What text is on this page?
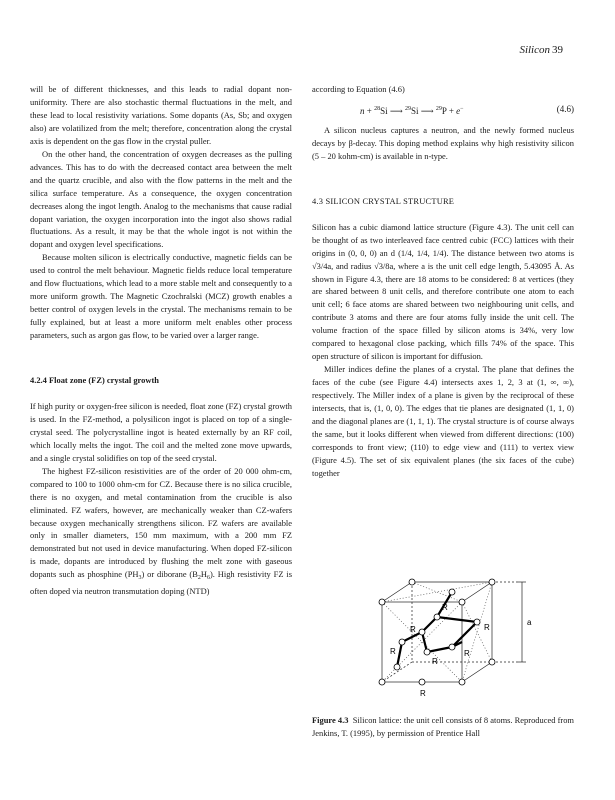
Silicon 39

will be of different thicknesses, and this leads to radial dopant non-uniformity. There are also stochastic thermal fluctuations in the melt, and these lead to local resistivity variations. Some dopants (As, Sb; and oxygen also) are volatilized from the melt; therefore, concentration along the crystal axis is dependent on the gas flow in the crystal puller.

On the other hand, the concentration of oxygen decreases as the pulling advances. This has to do with the decreased contact area between the melt and the quartz crucible, and also with the flow patterns in the melt and the silica surface temperature. As a consequence, the oxygen concentration decreases along the ingot length. Analog to the mechanisms that cause radial dopant variation, the oxygen incorporation into the ingot also shows radial fluctuations. As a result, it may be that the whole ingot is not within the dopant and oxygen level specifications.

Because molten silicon is electrically conductive, magnetic fields can be used to control the melt behaviour. Magnetic fields reduce local temperature and flow fluctuations, which lead to a more stable melt and consequently to a more uniform growth. The Magnetic Czochralski (MCZ) growth enables a better control of oxygen levels in the crystal. The mechanisms remain to be fully explained, but at least a more uniform melt enables other process parameters, such as argon gas flow, to be varied over a larger range.

4.2.4 Float zone (FZ) crystal growth

If high purity or oxygen-free silicon is needed, float zone (FZ) crystal growth is used. In the FZ-method, a polysilicon ingot is placed on top of a single-crystal seed. The polycrystalline ingot is heated externally by an RF coil, which locally melts the ingot. The coil and the melted zone move upwards, and a single crystal solidifies on top of the seed crystal.

The highest FZ-silicon resistivities are of the order of 20 000 ohm-cm, compared to 100 to 1000 ohm-cm for CZ. Because there is no silica crucible, there is no oxygen, and metal contamination from the crucible is also eliminated. FZ wafers, however, are mechanically weaker than CZ-wafers because oxygen mechanically strengthens silicon. FZ wafers are available only in smaller diameters, 150 mm maximum, with a 200 mm FZ demonstrated but not used in device manufacturing. When doped FZ-silicon is made, dopants are introduced by flushing the melt zone with gaseous dopants such as phosphine $(PH_3)$ or diborane $(B_2H_6)$. High resistivity FZ is often doped via neutron transmutation doping (NTD)

according to Equation (4.6)

n + $^{28}$Si ⟶ $^{29}$Si ⟶ $^{29}$P + e−	(4.6)

A silicon nucleus captures a neutron, and the newly formed nucleus decays by β-decay. This doping method explains why high resistivity silicon (5 – 20 kohm-cm) is available in n-type.

4.3 SILICON CRYSTAL STRUCTURE

Silicon has a cubic diamond lattice structure (Figure 4.3). The unit cell can be thought of as two interleaved face centred cubic (FCC) lattices with their origins in (0, 0, 0) an d (1/4, 1/4, 1/4). The distance between two atoms is √3/4a, and radius √3/8a, where a is the unit cell edge length, 5.43095 Å. As shown in Figure 4.3, there are 18 atoms to be considered: 8 at vertices (they are shared between 8 unit cells, and therefore contribute one atom to each unit cell; 6 face atoms are shared between two neighbouring unit cells, and contribute 3 atoms and there are four atoms fully inside the unit cell. The volume fraction of the space filled by silicon atoms is 34%, very low compared to hexagonal close packing, which fills 74% of the space. This open structure of silicon is important for diffusion.

Miller indices define the planes of a crystal. The plane that defines the faces of the cube (see Figure 4.4) intersects axes 1, 2, 3 at (1, ∞, ∞), respectively. The Miller index of a plane is given by the reciprocal of these intersects, that is, (1, 0, 0). The edges that tie planes are designated (1, 1, 0) and the diagonal planes are (1, 1, 1). The crystal structure is of course always the same, but it looks different when viewed from different directions: (100) corresponds to front view; (110) to edge view and (111) to vertex view (Figure 4.5). The set of six equivalent planes (the six faces of the cube) together

R
R
R
R
R
R
R
a
Figure 4.3 Silicon lattice: the unit cell consists of 8 atoms. Reproduced from Jenkins, T. (1995), by permission of Prentice Hall
